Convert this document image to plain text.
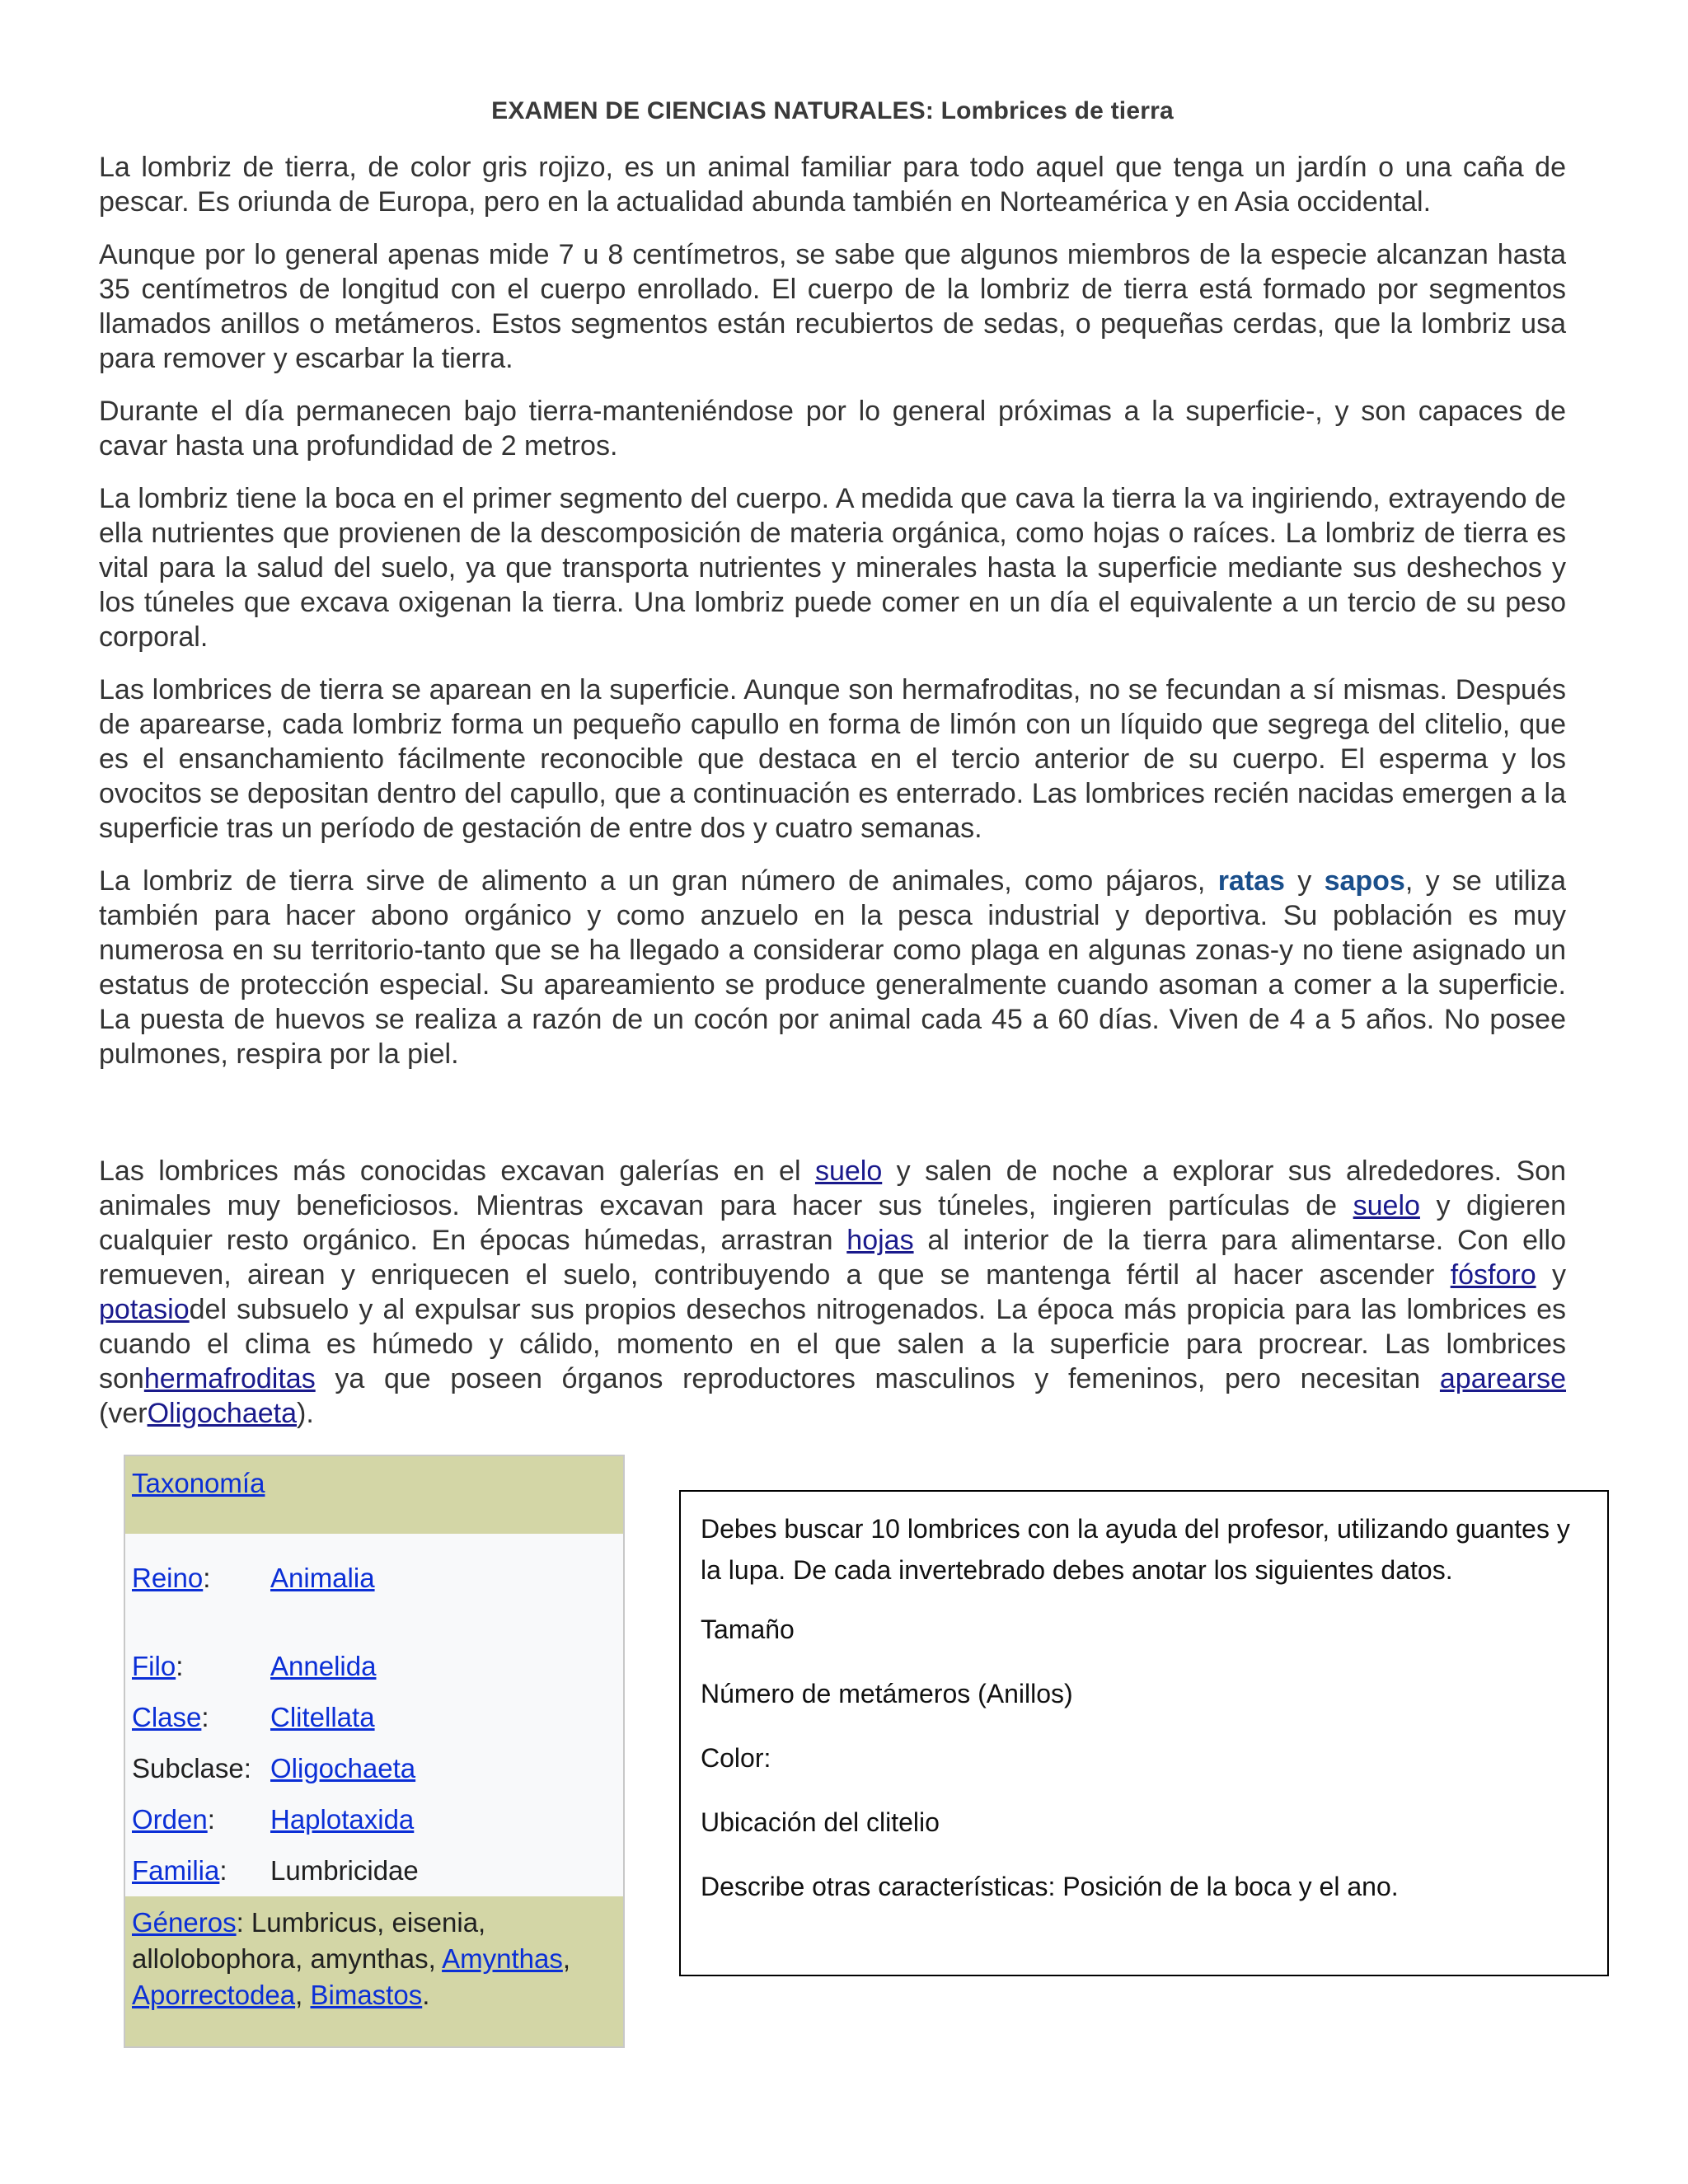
EXAMEN DE CIENCIAS NATURALES: Lombrices de tierra

La lombriz de tierra, de color gris rojizo, es un animal familiar para todo aquel que tenga un jardín o una caña de pescar. Es oriunda de Europa, pero en la actualidad abunda también en Norteamérica y en Asia occidental.

Aunque por lo general apenas mide 7 u 8 centímetros, se sabe que algunos miembros de la especie alcanzan hasta 35 centímetros de longitud con el cuerpo enrollado. El cuerpo de la lombriz de tierra está formado por segmentos llamados anillos o metámeros. Estos segmentos están recubiertos de sedas, o pequeñas cerdas, que la lombriz usa para remover y escarbar la tierra.

Durante el día permanecen bajo tierra-manteniéndose por lo general próximas a la superficie-, y son capaces de cavar hasta una profundidad de 2 metros.

La lombriz tiene la boca en el primer segmento del cuerpo. A medida que cava la tierra la va ingiriendo, extrayendo de ella nutrientes que provienen de la descomposición de materia orgánica, como hojas o raíces. La lombriz de tierra es vital para la salud del suelo, ya que transporta nutrientes y minerales hasta la superficie mediante sus deshechos y los túneles que excava oxigenan la tierra. Una lombriz puede comer en un día el equivalente a un tercio de su peso corporal.

Las lombrices de tierra se aparean en la superficie. Aunque son hermafroditas, no se fecundan a sí mismas. Después de aparearse, cada lombriz forma un pequeño capullo en forma de limón con un líquido que segrega del clitelio, que es el ensanchamiento fácilmente reconocible que destaca en el tercio anterior de su cuerpo. El esperma y los ovocitos se depositan dentro del capullo, que a continuación es enterrado. Las lombrices recién nacidas emergen a la superficie tras un período de gestación de entre dos y cuatro semanas.

La lombriz de tierra sirve de alimento a un gran número de animales, como pájaros, ratas y sapos, y se utiliza también para hacer abono orgánico y como anzuelo en la pesca industrial y deportiva. Su población es muy numerosa en su territorio-tanto que se ha llegado a considerar como plaga en algunas zonas-y no tiene asignado un estatus de protección especial. Su apareamiento se produce generalmente cuando asoman a comer a la superficie. La puesta de huevos se realiza a razón de un cocón por animal cada 45 a 60 días. Viven de 4 a 5 años. No posee pulmones, respira por la piel.

Las lombrices más conocidas excavan galerías en el suelo y salen de noche a explorar sus alrededores. Son animales muy beneficiosos. Mientras excavan para hacer sus túneles, ingieren partículas de suelo y digieren cualquier resto orgánico. En épocas húmedas, arrastran hojas al interior de la tierra para alimentarse. Con ello remueven, airean y enriquecen el suelo, contribuyendo a que se mantenga fértil al hacer ascender fósforo y potasiodel subsuelo y al expulsar sus propios desechos nitrogenados. La época más propicia para las lombrices es cuando el clima es húmedo y cálido, momento en el que salen a la superficie para procrear. Las lombrices sonhermafroditas ya que poseen órganos reproductores masculinos y femeninos, pero necesitan aparearse (verOligochaeta).

Taxonomía
Reino:	Animalia
Filo:	Annelida
Clase:	Clitellata
Subclase: Oligochaeta
Orden:	Haplotaxida
Familia:	Lumbricidae
Géneros: Lumbricus, eisenia, allolobophora, amynthas, Amynthas, Aporrectodea, Bimastos.

Debes buscar 10 lombrices con la ayuda del profesor, utilizando guantes y la lupa. De cada invertebrado debes anotar los siguientes datos.

Tamaño

Número de metámeros (Anillos)

Color:

Ubicación del clitelio

Describe otras características: Posición de la boca y el ano.
